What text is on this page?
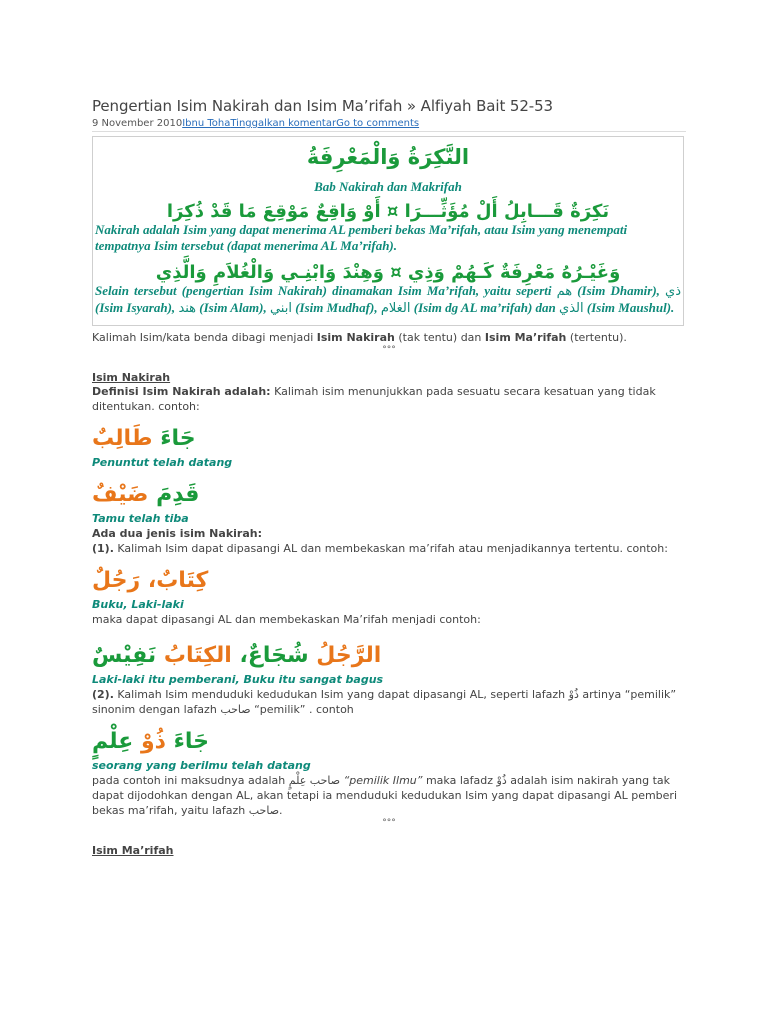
Pengertian Isim Nakirah dan Isim Ma’rifah » Alfiyah Bait 52-53
9 November 2010Ibnu TohaTinggalkan komentarGo to comments
النَّكِرَةُ وَالْمَعْرِفَةُ
Bab Nakirah dan Makrifah
نَكِرَةٌ قَـــابِلُ أَلْ مُؤَثِّـــرَا ¤ أَوْ وَاقِعٌ مَوْقِعَ مَا قَدْ ذُكِرَا
Nakirah adalah Isim yang dapat menerima AL pemberi bekas Ma’rifah, atau Isim yang menempati tempatnya Isim tersebut (dapat menerima AL Ma’rifah).
وَغَيْـرُهُ مَعْرِفَةٌ كَـهُمْ وَذِي ¤ وَهِنْدَ وَابْنِـي وَالْغُلاَمِ وَالَّذِي
Selain tersebut (pengertian Isim Nakirah) dinamakan Isim Ma’rifah, yaitu seperti هم (Isim Dhamir), ذي (Isim Isyarah), هند (Isim Alam), ابني (Isim Mudhaf), الغلام (Isim dg AL ma’rifah) dan الذي (Isim Maushul).
Kalimah Isim/kata benda dibagi menjadi Isim Nakirah (tak tentu) dan Isim Ma’rifah (tertentu).
°°°
Isim Nakirah
Definisi Isim Nakirah adalah: Kalimah isim menunjukkan pada sesuatu secara kesatuan yang tidak ditentukan. contoh:
جَاءَ طَالِبٌ
Penuntut telah datang
قَدِمَ ضَيْفٌ
Tamu telah tiba
Ada dua jenis isim Nakirah:
(1). Kalimah Isim dapat dipasangi AL dan membekaskan ma’rifah atau menjadikannya tertentu. contoh:
كِتَابٌ، رَجُلٌ
Buku, Laki-laki
maka dapat dipasangi AL dan membekaskan Ma’rifah menjadi contoh:
الرَّجُلُ شُجَاعٌ، الكِتَابُ نَفِيْسٌ
Laki-laki itu pemberani, Buku itu sangat bagus
(2). Kalimah Isim menduduki kedudukan Isim yang dapat dipasangi AL, seperti lafazh ذُوْ artinya “pemilik” sinonim dengan lafazh صاحب “pemilik” . contoh
جَاءَ ذُوْ عِلْمٍ
seorang yang berilmu telah datang
pada contoh ini maksudnya adalah صاحب عِلْمٍ “pemilik Ilmu” maka lafadz ذُوْ adalah isim nakirah yang tak dapat dijodohkan dengan AL, akan tetapi ia menduduki kedudukan Isim yang dapat dipasangi AL pemberi bekas ma’rifah, yaitu lafazh صاحب.
°°°
Isim Ma’rifah
